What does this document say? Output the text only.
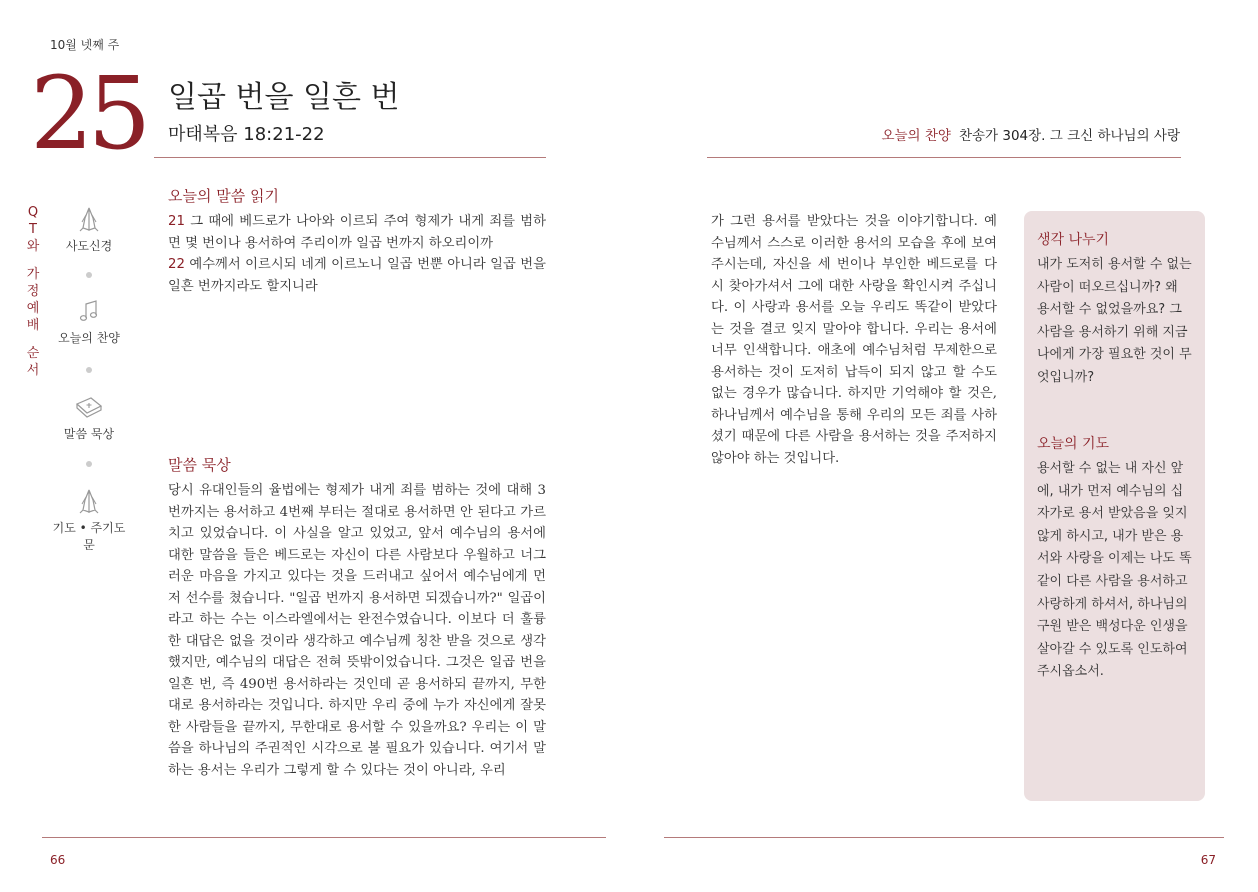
10월 넷째 주
25 일곱 번을 일흔 번
마태복음 18:21-22	오늘의 찬양 찬송가 304장. 그 크신 하나님의 사랑
Q
T
와
가
정
예
배
순
서
사도신경
오늘의 찬양
말씀 묵상
기도 • 주기도문
오늘의 말씀 읽기

21 그 때에 베드로가 나아와 이르되 주여 형제가 내게 죄를 범하면 몇 번이나 용서하여 주리이까 일곱 번까지 하오리이까

22 예수께서 이르시되 네게 이르노니 일곱 번뿐 아니라 일곱 번을 일흔 번까지라도 할지니라

말씀 묵상

당시 유대인들의 율법에는 형제가 내게 죄를 범하는 것에 대해 3번까지는 용서하고 4번째 부터는 절대로 용서하면 안 된다고 가르치고 있었습니다. 이 사실을 알고 있었고, 앞서 예수님의 용서에 대한 말씀을 들은 베드로는 자신이 다른 사람보다 우월하고 너그러운 마음을 가지고 있다는 것을 드러내고 싶어서 예수님에게 먼저 선수를 쳤습니다. "일곱 번까지 용서하면 되겠습니까?" 일곱이라고 하는 수는 이스라엘에서는 완전수였습니다. 이보다 더 훌륭한 대답은 없을 것이라 생각하고 예수님께 칭찬 받을 것으로 생각했지만, 예수님의 대답은 전혀 뜻밖이었습니다. 그것은 일곱 번을 일흔 번, 즉 490번 용서하라는 것인데 곧 용서하되 끝까지, 무한대로 용서하라는 것입니다. 하지만 우리 중에 누가 자신에게 잘못한 사람들을 끝까지, 무한대로 용서할 수 있을까요? 우리는 이 말씀을 하나님의 주권적인 시각으로 볼 필요가 있습니다. 여기서 말하는 용서는 우리가 그렇게 할 수 있다는 것이 아니라, 우리

가 그런 용서를 받았다는 것을 이야기합니다. 예수님께서 스스로 이러한 용서의 모습을 후에 보여주시는데, 자신을 세 번이나 부인한 베드로를 다시 찾아가셔서 그에 대한 사랑을 확인시켜 주십니다. 이 사랑과 용서를 오늘 우리도 똑같이 받았다는 것을 결코 잊지 말아야 합니다. 우리는 용서에 너무 인색합니다. 애초에 예수님처럼 무제한으로 용서하는 것이 도저히 납득이 되지 않고 할 수도 없는 경우가 많습니다. 하지만 기억해야 할 것은, 하나님께서 예수님을 통해 우리의 모든 죄를 사하셨기 때문에 다른 사람을 용서하는 것을 주저하지 않아야 하는 것입니다.

생각 나누기
내가 도저히 용서할 수 없는 사람이 떠오르십니까? 왜 용서할 수 없었을까요? 그 사람을 용서하기 위해 지금 나에게 가장 필요한 것이 무엇입니까?
오늘의 기도
용서할 수 없는 내 자신 앞에, 내가 먼저 예수님의 십자가로 용서 받았음을 잊지 않게 하시고, 내가 받은 용서와 사랑을 이제는 나도 똑같이 다른 사람을 용서하고 사랑하게 하셔서, 하나님의 구원 받은 백성다운 인생을 살아갈 수 있도록 인도하여 주시옵소서.
66	67
